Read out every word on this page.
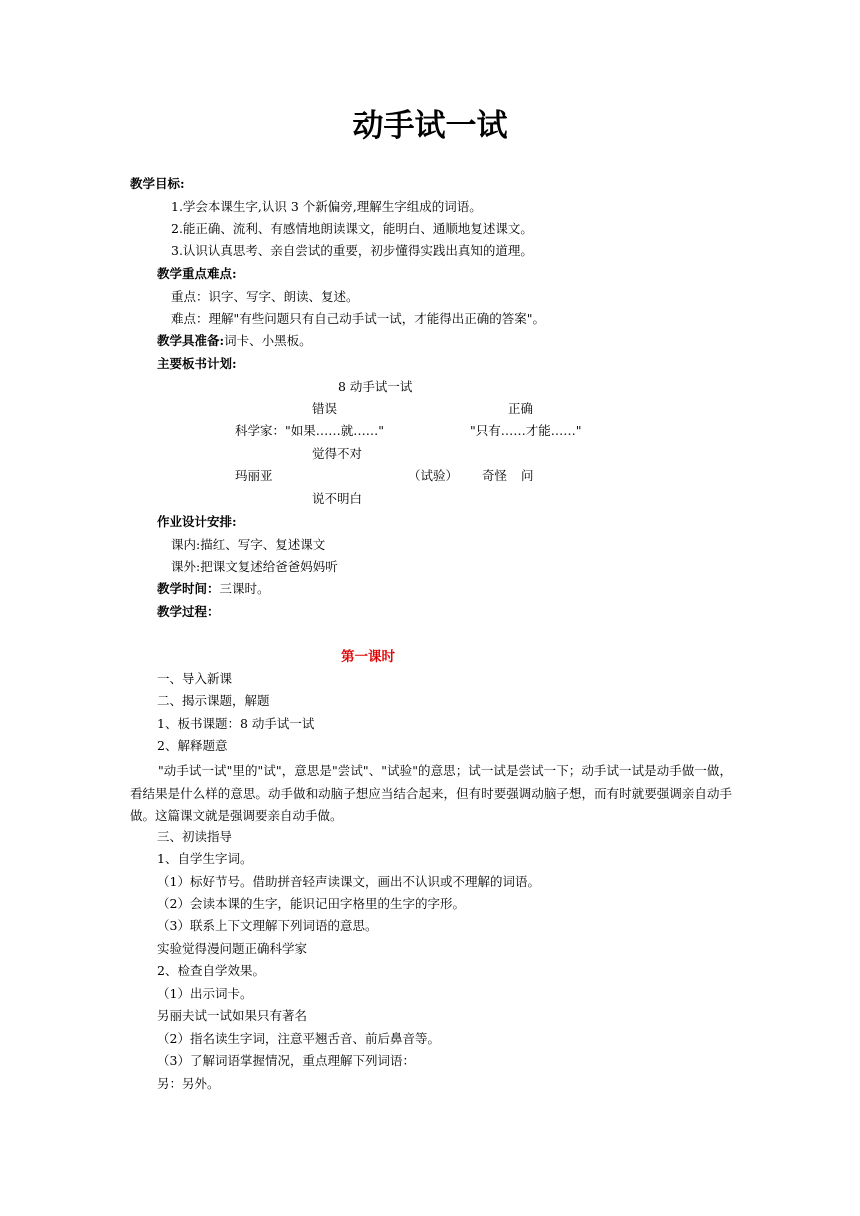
动手试一试
教学目标:
1.学会本课生字,认识 3 个新偏旁,理解生字组成的词语。
2.能正确、流利、有感情地朗读课文，能明白、通顺地复述课文。
3.认识认真思考、亲自尝试的重要，初步懂得实践出真知的道理。
教学重点难点:
重点：识字、写字、朗读、复述。
难点：理解"有些问题只有自己动手试一试，才能得出正确的答案"。
教学具准备:词卡、小黑板。
主要板书计划:
8 动手试一试
错误	正确
科学家："如果……就……"	"只有……才能……"
觉得不对
玛丽亚	（试验） 奇怪 问
说不明白
作业设计安排:
课内:描红、写字、复述课文
课外:把课文复述给爸爸妈妈听
教学时间：三课时。
教学过程：
第一课时
一、导入新课
二、揭示课题，解题
1、板书课题：8 动手试一试
2、解释题意
"动手试一试"里的"试"，意思是"尝试"、"试验"的意思；试一试是尝试一下；动手试一试是动手做一做，看结果是什么样的意思。动手做和动脑子想应当结合起来，但有时要强调动脑子想，而有时就要强调亲自动手做。这篇课文就是强调要亲自动手做。
三、初读指导
1、自学生字词。
（1）标好节号。借助拼音轻声读课文，画出不认识或不理解的词语。
（2）会读本课的生字，能识记田字格里的生字的字形。
（3）联系上下文理解下列词语的意思。
实验觉得漫问题正确科学家
2、检查自学效果。
（1）出示词卡。
另丽夫试一试如果只有著名
（2）指名读生字词，注意平翘舌音、前后鼻音等。
（3）了解词语掌握情况，重点理解下列词语：
另：另外。
